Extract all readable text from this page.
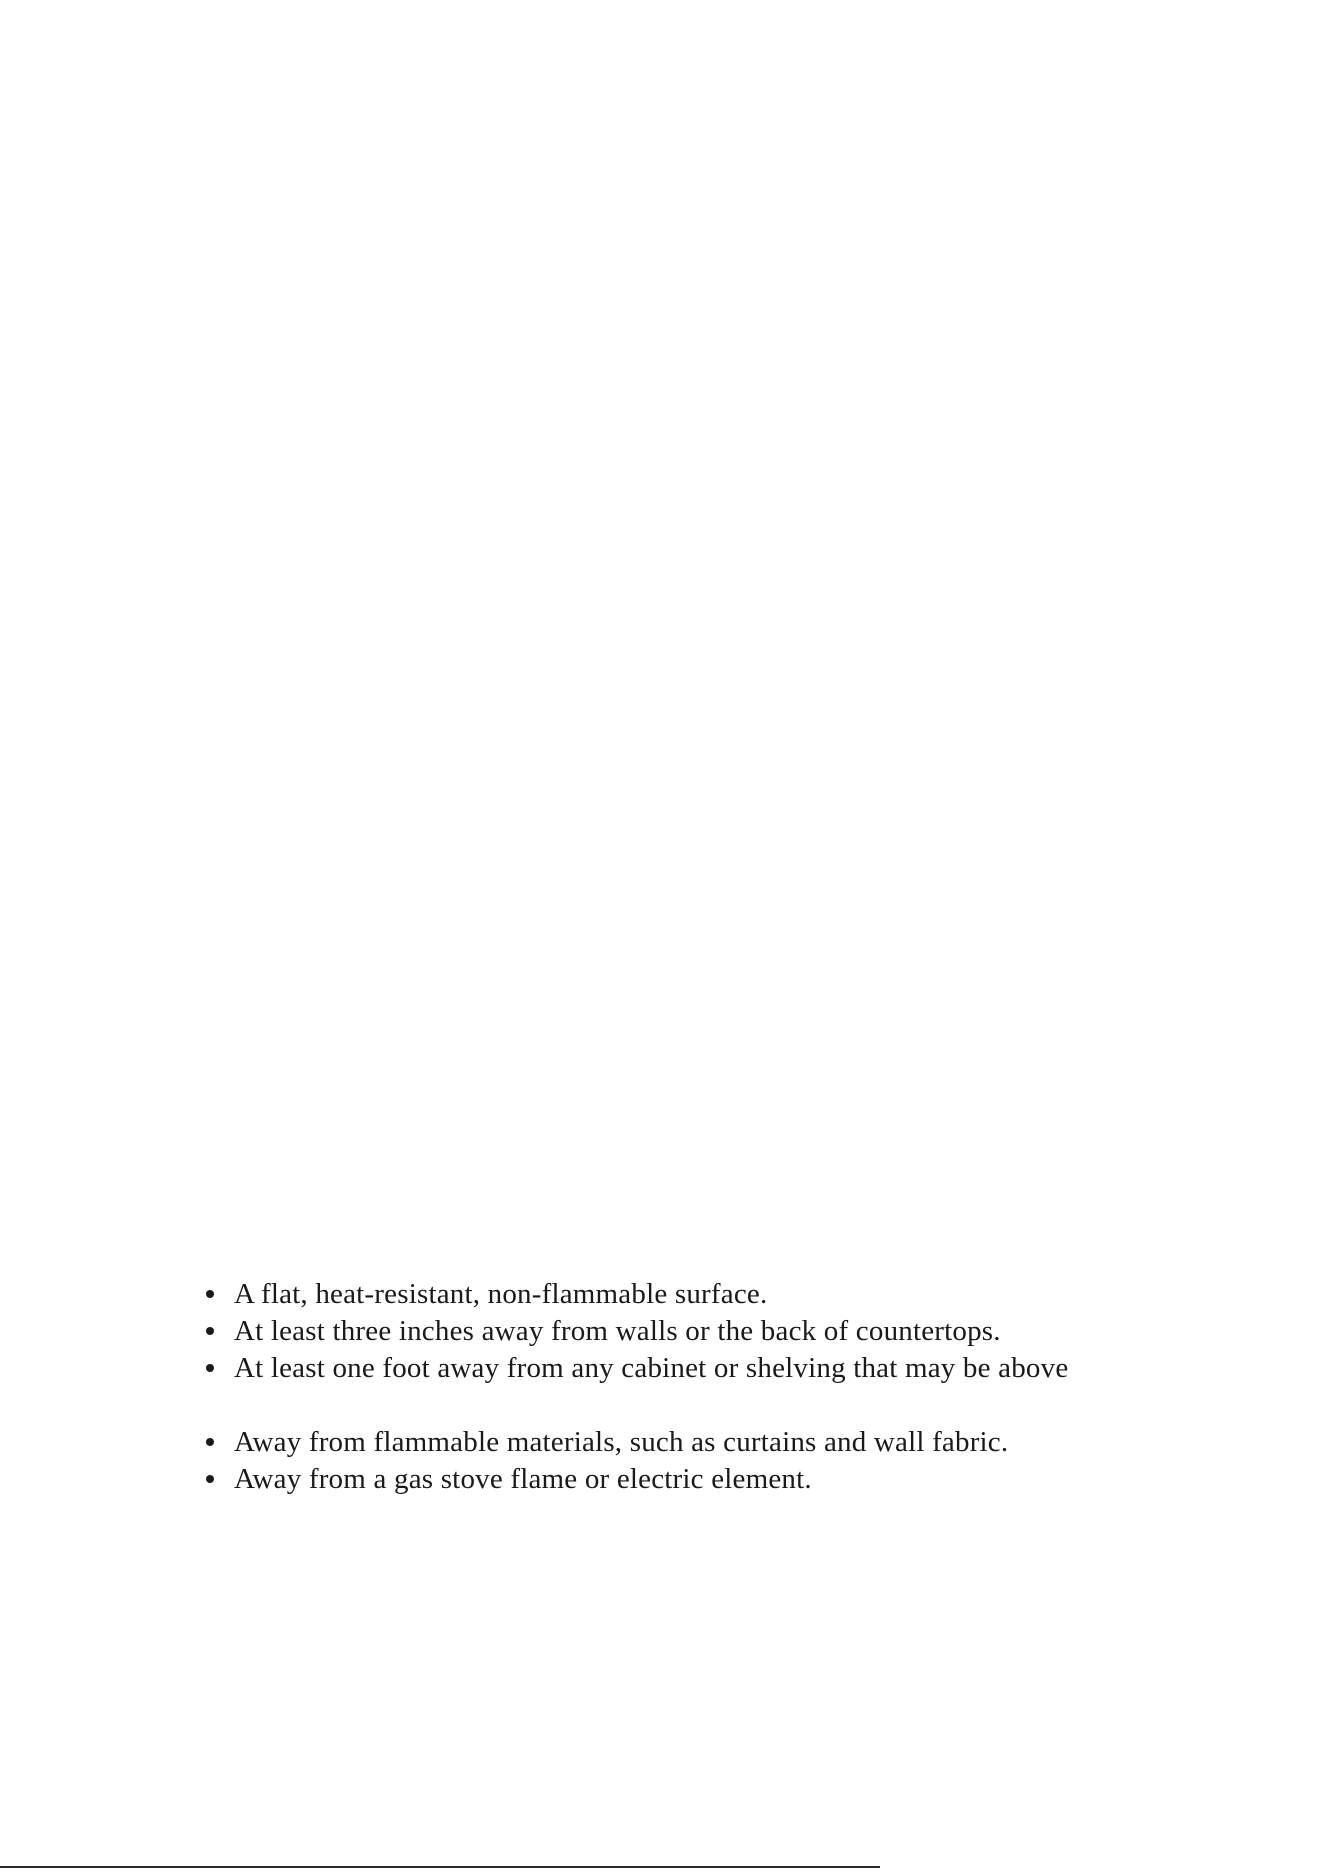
A flat, heat-resistant, non-flammable surface.
At least three inches away from walls or the back of countertops.
At least one foot away from any cabinet or shelving that may be above
Away from flammable materials, such as curtains and wall fabric.
Away from a gas stove flame or electric element.
